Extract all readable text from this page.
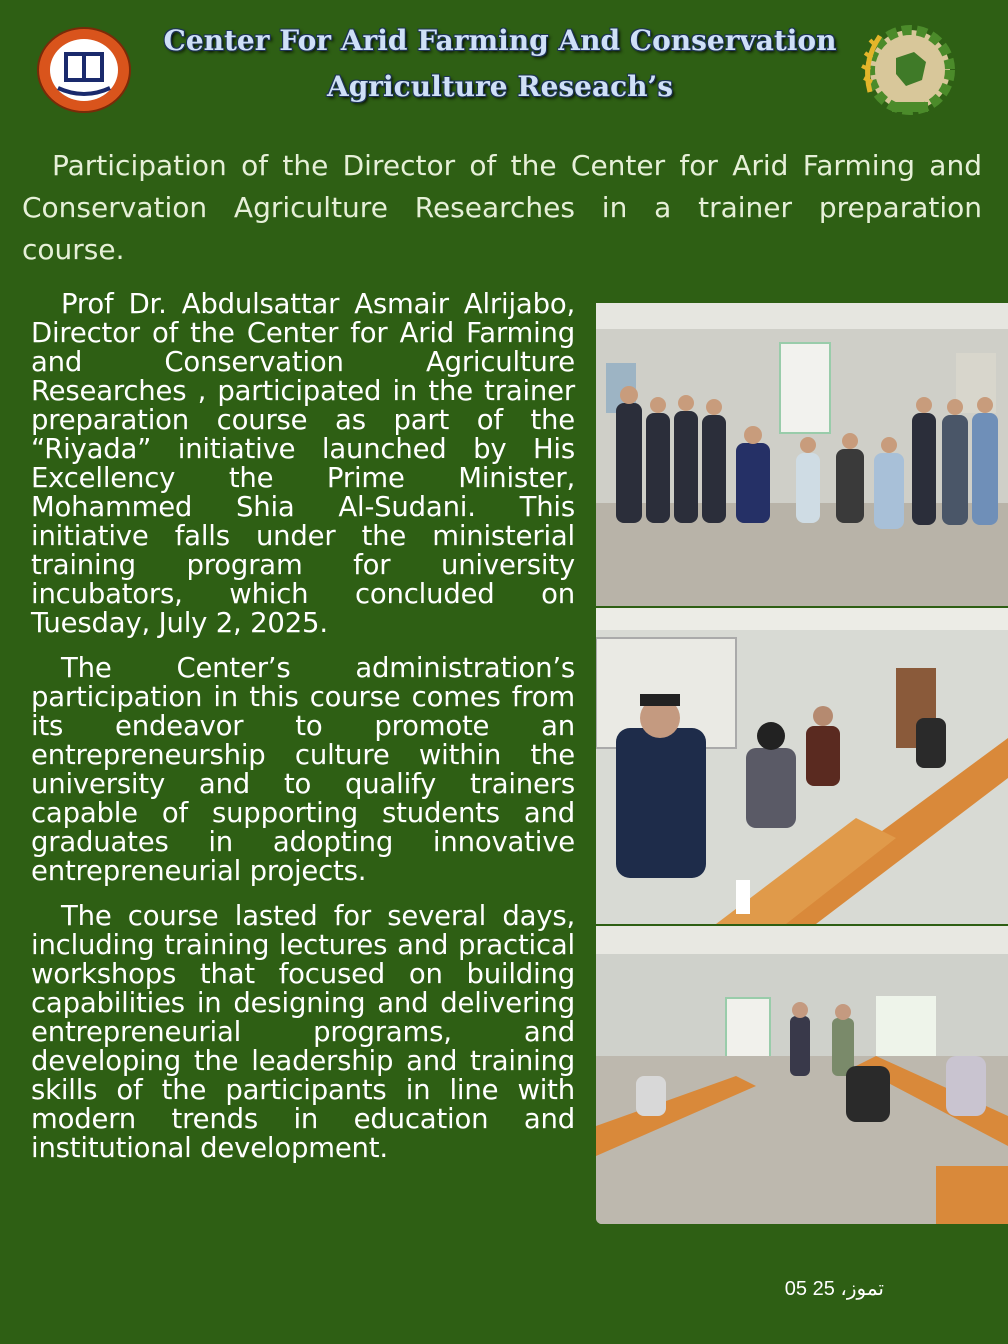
Center For Arid Farming And Conservation
Agriculture Reseach’s
Participation of the Director of the Center for Arid Farming and Conservation Agriculture Researches in a trainer preparation course.

Prof Dr. Abdulsattar Asmair Alrijabo, Director of the Center for Arid Farming and Conservation Agriculture Researches , participated in the trainer preparation course as part of the “Riyada” initiative launched by His Excellency the Prime Minister, Mohammed Shia Al-Sudani. This initiative falls under the ministerial training program for university incubators, which concluded on Tuesday, July 2, 2025.

The Center’s administration’s participation in this course comes from its endeavor to promote an entrepreneurship culture within the university and to qualify trainers capable of supporting students and graduates in adopting innovative entrepreneurial projects.

The course lasted for several days, including training lectures and practical workshops that focused on building capabilities in designing and delivering entrepreneurial programs, and developing the leadership and training skills of the participants in line with modern trends in education and institutional development.

05 تموز، 25
